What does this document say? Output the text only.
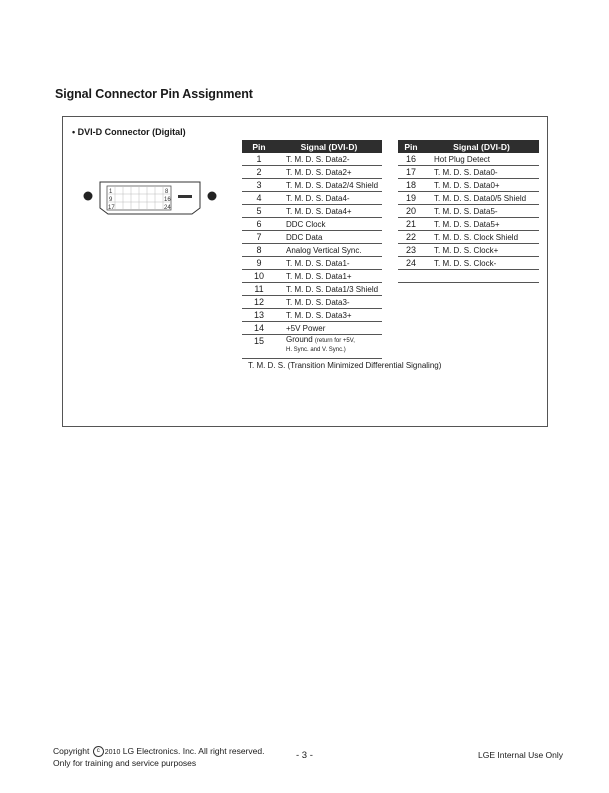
Signal Connector Pin Assignment
• DVI-D Connector (Digital)
1	8
9	16
17	24
Pin	Signal (DVI-D)
1	T. M. D. S. Data2-
2	T. M. D. S. Data2+
3	T. M. D. S. Data2/4 Shield
4	T. M. D. S. Data4-
5	T. M. D. S. Data4+
6	DDC Clock
7	DDC Data
8	Analog Vertical Sync.
9	T. M. D. S. Data1-
10	T. M. D. S. Data1+
11	T. M. D. S. Data1/3 Shield
12	T. M. D. S. Data3-
13	T. M. D. S. Data3+
14	+5V Power
15	Ground (return for +5V,
H. Sync. and V. Sync.)
Pin	Signal (DVI-D)
16	Hot Plug Detect
17	T. M. D. S. Data0-
18	T. M. D. S. Data0+
19	T. M. D. S. Data0/5 Shield
20	T. M. D. S. Data5-
21	T. M. D. S. Data5+
22	T. M. D. S. Clock Shield
23	T. M. D. S. Clock+
24	T. M. D. S. Clock-

T. M. D. S. (Transition Minimized Differential Signaling)
Copyright c 2010 LG Electronics. Inc. All right reserved.
Only for training and service purposes
- 3 -	LGE Internal Use Only
